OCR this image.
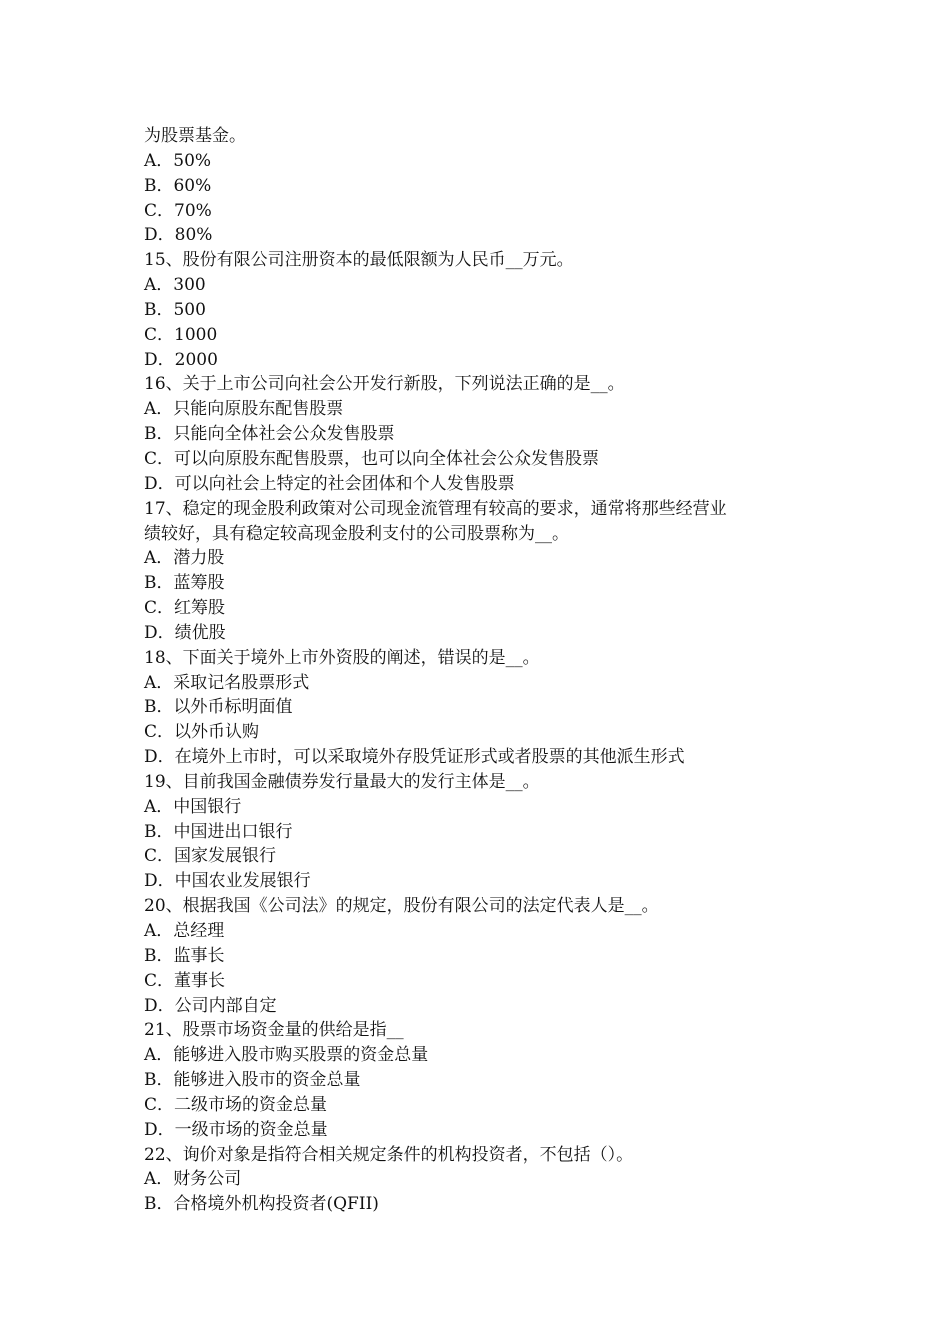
为股票基金。

A．50%

B．60%

C．70%

D．80%

15、股份有限公司注册资本的最低限额为人民币__万元。

A．300

B．500

C．1000

D．2000

16、关于上市公司向社会公开发行新股，下列说法正确的是__。

A．只能向原股东配售股票

B．只能向全体社会公众发售股票

C．可以向原股东配售股票，也可以向全体社会公众发售股票

D．可以向社会上特定的社会团体和个人发售股票

17、稳定的现金股利政策对公司现金流管理有较高的要求，通常将那些经营业

绩较好，具有稳定较高现金股利支付的公司股票称为__。

A．潜力股

B．蓝筹股

C．红筹股

D．绩优股

18、下面关于境外上市外资股的阐述，错误的是__。

A．采取记名股票形式

B．以外币标明面值

C．以外币认购

D．在境外上市时，可以采取境外存股凭证形式或者股票的其他派生形式

19、目前我国金融债券发行量最大的发行主体是__。

A．中国银行

B．中国进出口银行

C．国家发展银行

D．中国农业发展银行

20、根据我国《公司法》的规定，股份有限公司的法定代表人是__。

A．总经理

B．监事长

C．董事长

D．公司内部自定

21、股票市场资金量的供给是指__

A．能够进入股市购买股票的资金总量

B．能够进入股市的资金总量

C．二级市场的资金总量

D．一级市场的资金总量

22、询价对象是指符合相关规定条件的机构投资者，不包括（）。

A．财务公司

B．合格境外机构投资者(QFII)
